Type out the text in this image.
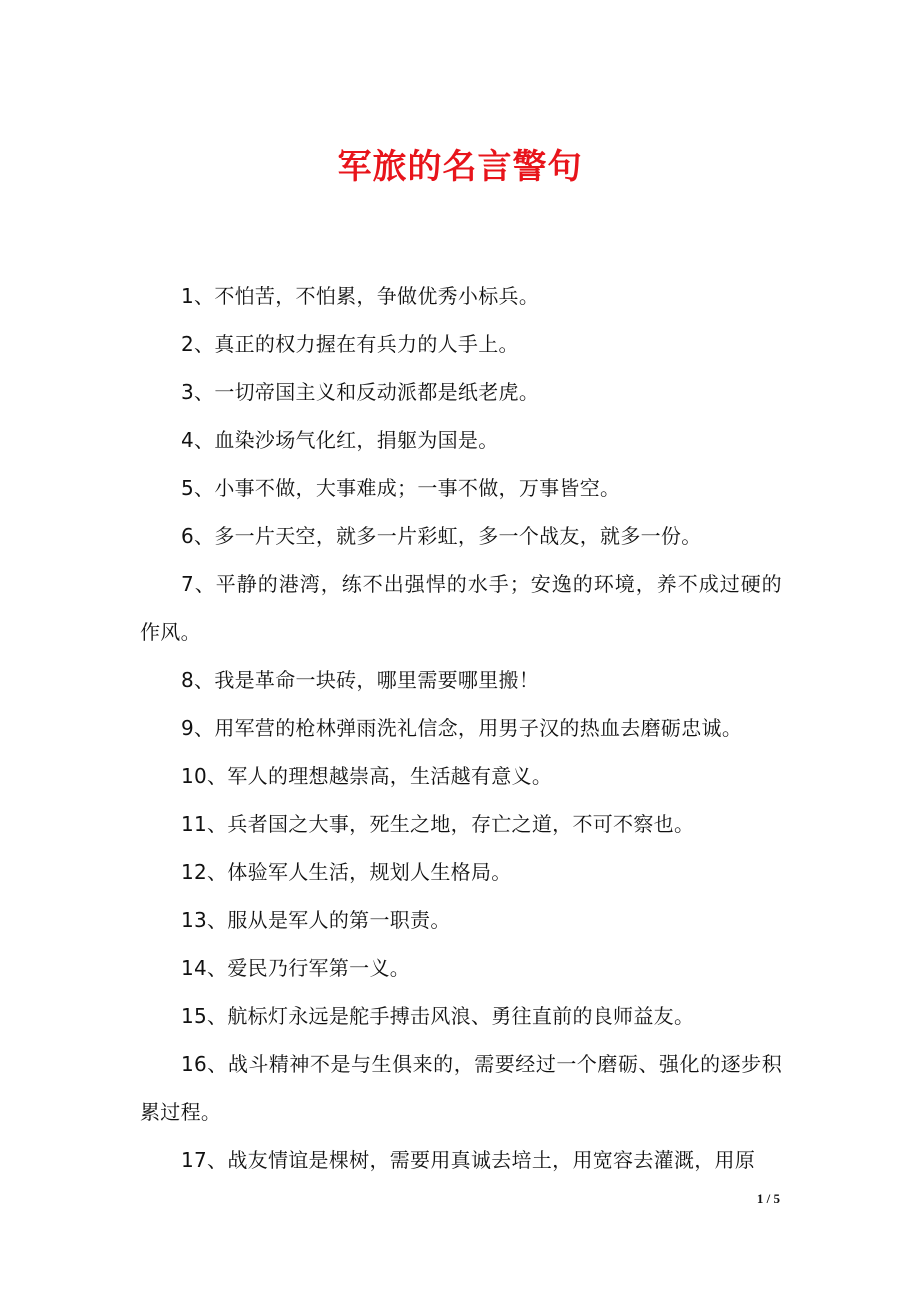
军旅的名言警句

1、不怕苦，不怕累，争做优秀小标兵。

2、真正的权力握在有兵力的人手上。

3、一切帝国主义和反动派都是纸老虎。

4、血染沙场气化红，捐躯为国是。

5、小事不做，大事难成；一事不做，万事皆空。

6、多一片天空，就多一片彩虹，多一个战友，就多一份。

7、平静的港湾，练不出强悍的水手；安逸的环境，养不成过硬的作风。

8、我是革命一块砖，哪里需要哪里搬！

9、用军营的枪林弹雨洗礼信念，用男子汉的热血去磨砺忠诚。

10、军人的理想越崇高，生活越有意义。

11、兵者国之大事，死生之地，存亡之道，不可不察也。

12、体验军人生活，规划人生格局。

13、服从是军人的第一职责。

14、爱民乃行军第一义。

15、航标灯永远是舵手搏击风浪、勇往直前的良师益友。

16、战斗精神不是与生俱来的，需要经过一个磨砺、强化的逐步积累过程。

17、战友情谊是棵树，需要用真诚去培土，用宽容去灌溉，用原

1 / 5
